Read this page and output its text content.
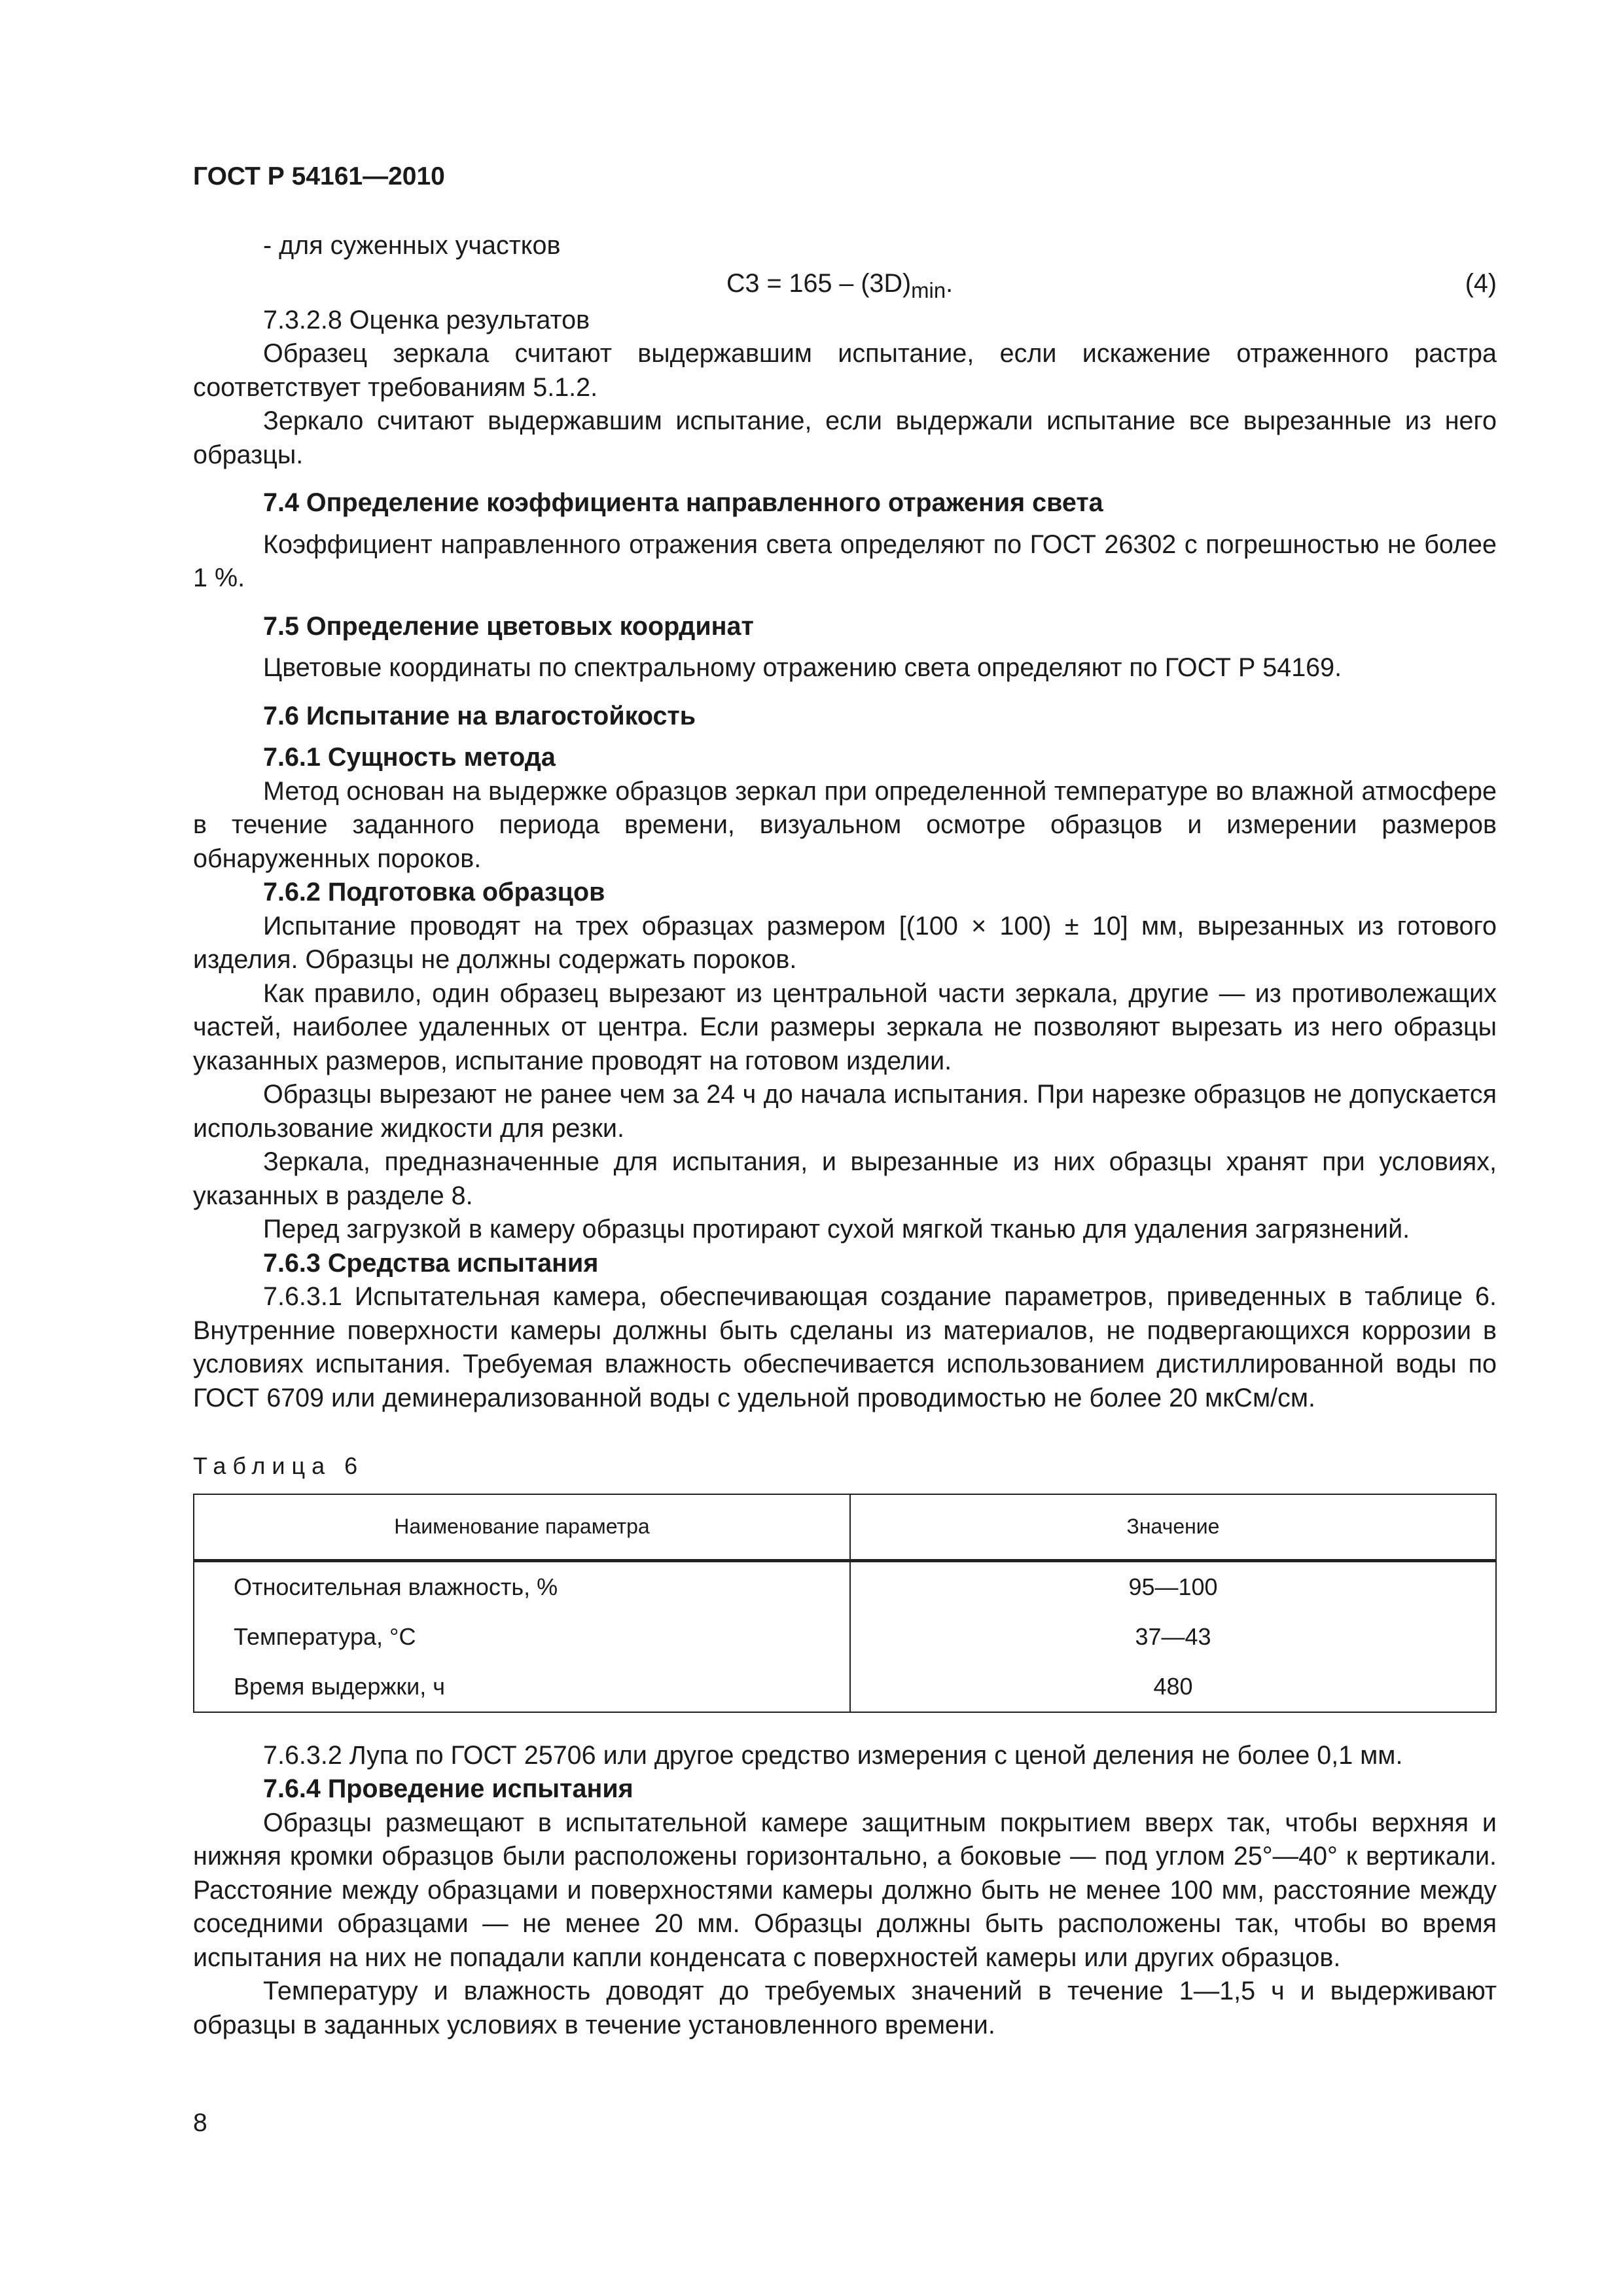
ГОСТ Р 54161—2010

- для суженных участков

$C3 = 165 - (3D)_{min}$.	(4)

7.3.2.8 Оценка результатов

Образец зеркала считают выдержавшим испытание, если искажение отраженного растра соответствует требованиям 5.1.2.

Зеркало считают выдержавшим испытание, если выдержали испытание все вырезанные из него образцы.

7.4 Определение коэффициента направленного отражения света

Коэффициент направленного отражения света определяют по ГОСТ 26302 с погрешностью не более 1 %.

7.5 Определение цветовых координат

Цветовые координаты по спектральному отражению света определяют по ГОСТ Р 54169.

7.6 Испытание на влагостойкость

7.6.1 Сущность метода

Метод основан на выдержке образцов зеркал при определенной температуре во влажной атмосфере в течение заданного периода времени, визуальном осмотре образцов и измерении размеров обнаруженных пороков.

7.6.2 Подготовка образцов

Испытание проводят на трех образцах размером [(100 × 100) ± 10] мм, вырезанных из готового изделия. Образцы не должны содержать пороков.

Как правило, один образец вырезают из центральной части зеркала, другие — из противолежащих частей, наиболее удаленных от центра. Если размеры зеркала не позволяют вырезать из него образцы указанных размеров, испытание проводят на готовом изделии.

Образцы вырезают не ранее чем за 24 ч до начала испытания. При нарезке образцов не допускается использование жидкости для резки.

Зеркала, предназначенные для испытания, и вырезанные из них образцы хранят при условиях, указанных в разделе 8.

Перед загрузкой в камеру образцы протирают сухой мягкой тканью для удаления загрязнений.

7.6.3 Средства испытания

7.6.3.1 Испытательная камера, обеспечивающая создание параметров, приведенных в таблице 6. Внутренние поверхности камеры должны быть сделаны из материалов, не подвергающихся коррозии в условиях испытания. Требуемая влажность обеспечивается использованием дистиллированной воды по ГОСТ 6709 или деминерализованной воды с удельной проводимостью не более 20 мкСм/см.

Таблица 6

Наименование параметра	Значение
Относительная влажность, %	95—100
Температура, °С	37—43
Время выдержки, ч	480

7.6.3.2 Лупа по ГОСТ 25706 или другое средство измерения с ценой деления не более 0,1 мм.

7.6.4 Проведение испытания

Образцы размещают в испытательной камере защитным покрытием вверх так, чтобы верхняя и нижняя кромки образцов были расположены горизонтально, а боковые — под углом 25°—40° к вертикали. Расстояние между образцами и поверхностями камеры должно быть не менее 100 мм, расстояние между соседними образцами — не менее 20 мм. Образцы должны быть расположены так, чтобы во время испытания на них не попадали капли конденсата с поверхностей камеры или других образцов.

Температуру и влажность доводят до требуемых значений в течение 1—1,5 ч и выдерживают образцы в заданных условиях в течение установленного времени.

8
